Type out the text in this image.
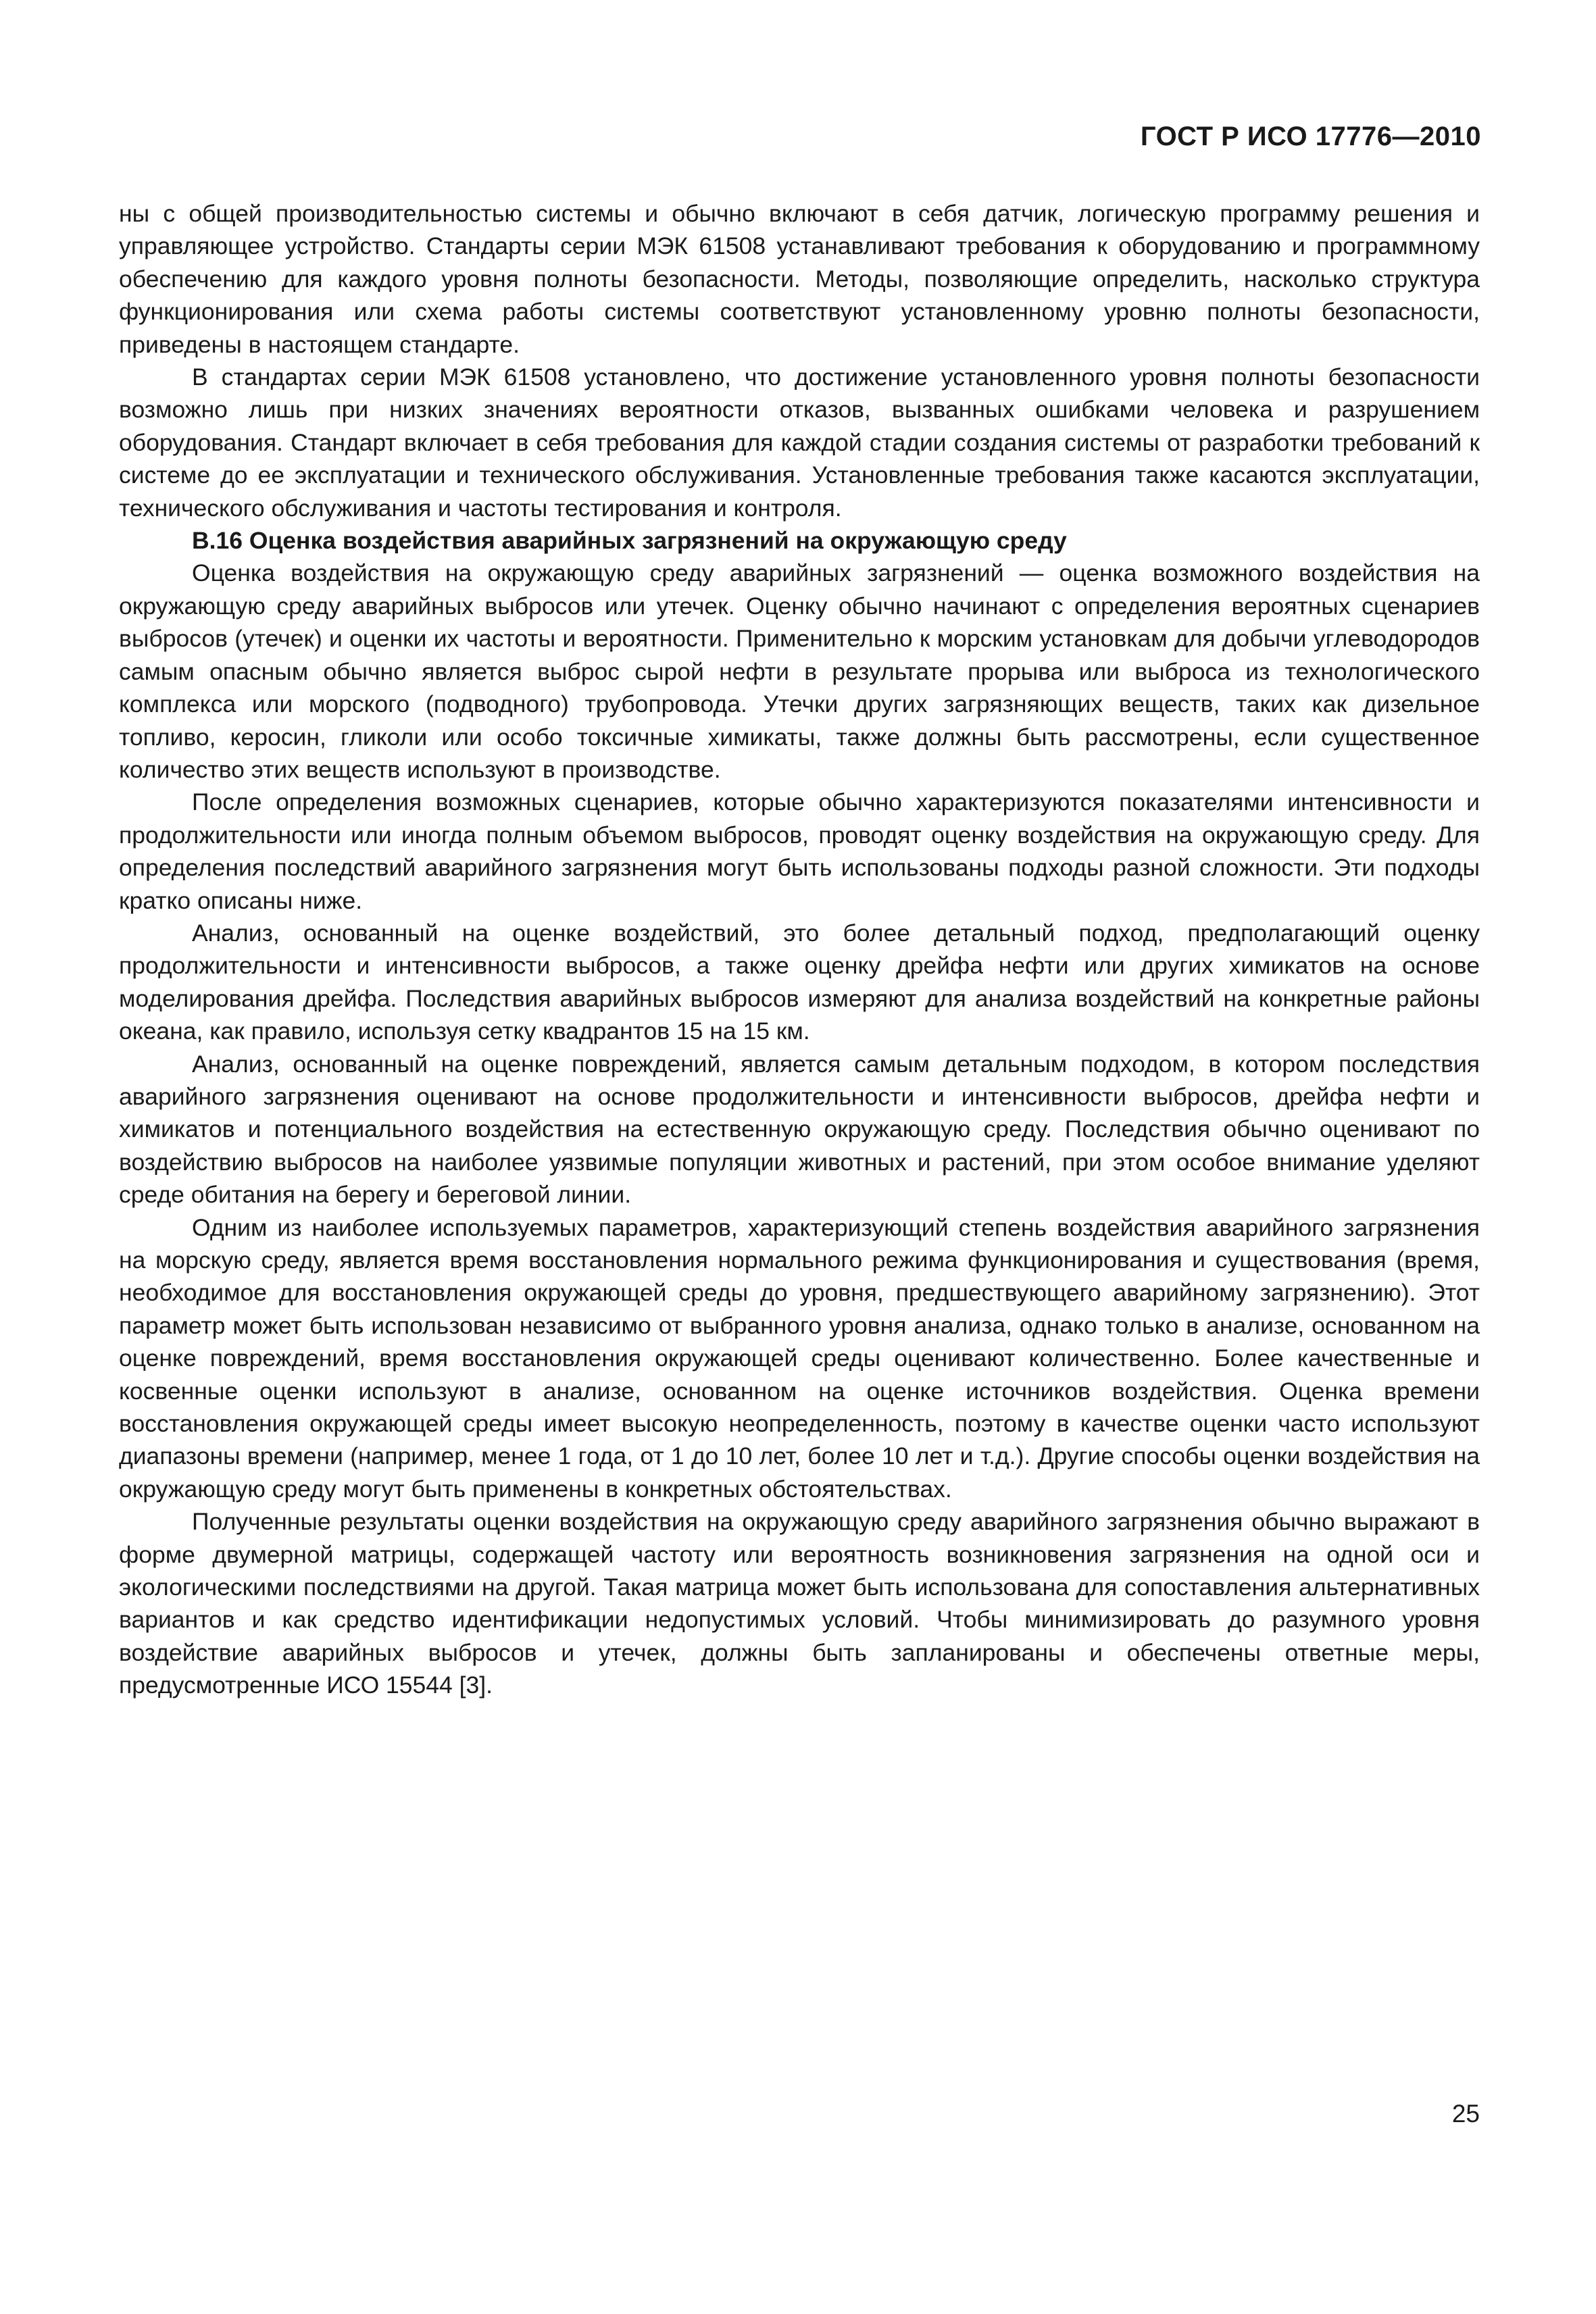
ГОСТ Р ИСО 17776—2010

ны с общей производительностью системы и обычно включают в себя датчик, логическую программу решения и управляющее устройство. Стандарты серии МЭК 61508 устанавливают требования к оборудованию и программному обеспечению для каждого уровня полноты безопасности. Методы, позволяющие определить, насколько структура функционирования или схема работы системы соответствуют установленному уровню полноты безопасности, приведены в настоящем стандарте.

В стандартах серии МЭК 61508 установлено, что достижение установленного уровня полноты безопасности возможно лишь при низких значениях вероятности отказов, вызванных ошибками человека и разрушением оборудования. Стандарт включает в себя требования для каждой стадии создания системы от разработки требований к системе до ее эксплуатации и технического обслуживания. Установленные требования также касаются эксплуатации, технического обслуживания и частоты тестирования и контроля.

В.16 Оценка воздействия аварийных загрязнений на окружающую среду

Оценка воздействия на окружающую среду аварийных загрязнений — оценка возможного воздействия на окружающую среду аварийных выбросов или утечек. Оценку обычно начинают с определения вероятных сценариев выбросов (утечек) и оценки их частоты и вероятности. Применительно к морским установкам для добычи углеводородов самым опасным обычно является выброс сырой нефти в результате прорыва или выброса из технологического комплекса или морского (подводного) трубопровода. Утечки других загрязняющих веществ, таких как дизельное топливо, керосин, гликоли или особо токсичные химикаты, также должны быть рассмотрены, если существенное количество этих веществ используют в производстве.

После определения возможных сценариев, которые обычно характеризуются показателями интенсивности и продолжительности или иногда полным объемом выбросов, проводят оценку воздействия на окружающую среду. Для определения последствий аварийного загрязнения могут быть использованы подходы разной сложности. Эти подходы кратко описаны ниже.

Анализ, основанный на оценке воздействий, это более детальный подход, предполагающий оценку продолжительности и интенсивности выбросов, а также оценку дрейфа нефти или других химикатов на основе моделирования дрейфа. Последствия аварийных выбросов измеряют для анализа воздействий на конкретные районы океана, как правило, используя сетку квадрантов 15 на 15 км.

Анализ, основанный на оценке повреждений, является самым детальным подходом, в котором последствия аварийного загрязнения оценивают на основе продолжительности и интенсивности выбросов, дрейфа нефти и химикатов и потенциального воздействия на естественную окружающую среду. Последствия обычно оценивают по воздействию выбросов на наиболее уязвимые популяции животных и растений, при этом особое внимание уделяют среде обитания на берегу и береговой линии.

Одним из наиболее используемых параметров, характеризующий степень воздействия аварийного загрязнения на морскую среду, является время восстановления нормального режима функционирования и существования (время, необходимое для восстановления окружающей среды до уровня, предшествующего аварийному загрязнению). Этот параметр может быть использован независимо от выбранного уровня анализа, однако только в анализе, основанном на оценке повреждений, время восстановления окружающей среды оценивают количественно. Более качественные и косвенные оценки используют в анализе, основанном на оценке источников воздействия. Оценка времени восстановления окружающей среды имеет высокую неопределенность, поэтому в качестве оценки часто используют диапазоны времени (например, менее 1 года, от 1 до 10 лет, более 10 лет и т.д.). Другие способы оценки воздействия на окружающую среду могут быть применены в конкретных обстоятельствах.

Полученные результаты оценки воздействия на окружающую среду аварийного загрязнения обычно выражают в форме двумерной матрицы, содержащей частоту или вероятность возникновения загрязнения на одной оси и экологическими последствиями на другой. Такая матрица может быть использована для сопоставления альтернативных вариантов и как средство идентификации недопустимых условий. Чтобы минимизировать до разумного уровня воздействие аварийных выбросов и утечек, должны быть запланированы и обеспечены ответные меры, предусмотренные ИСО 15544 [3].

25
